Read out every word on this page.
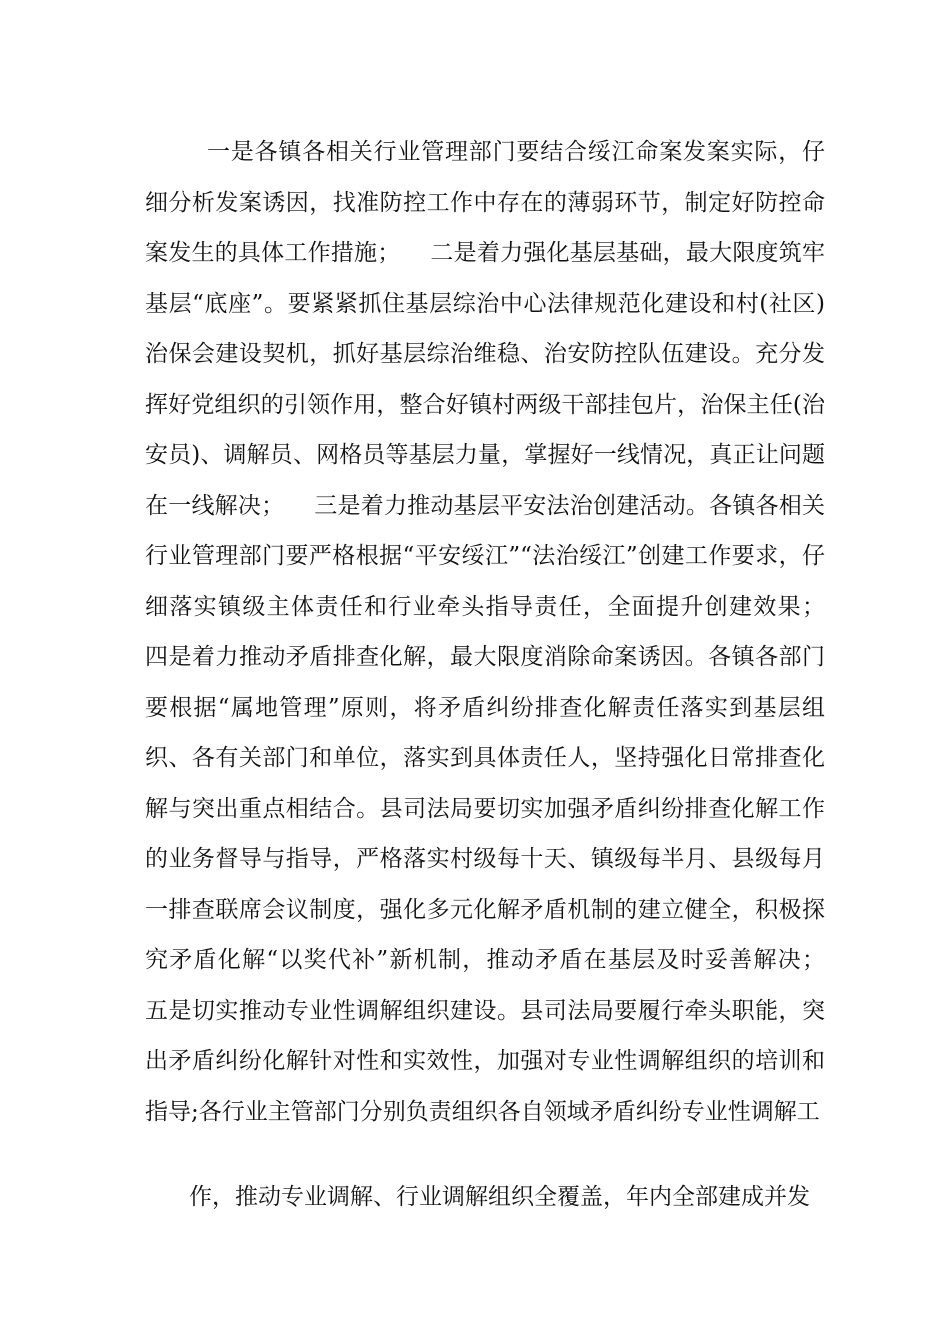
一是各镇各相关行业管理部门要结合绥江命案发案实际，仔细分析发案诱因，找准防控工作中存在的薄弱环节，制定好防控命案发生的具体工作措施；    二是着力强化基层基础，最大限度筑牢基层“底座”。要紧紧抓住基层综治中心法律规范化建设和村(社区)治保会建设契机，抓好基层综治维稳、治安防控队伍建设。充分发挥好党组织的引领作用，整合好镇村两级干部挂包片，治保主任(治安员)、调解员、网格员等基层力量，掌握好一线情况，真正让问题在一线解决；    三是着力推动基层平安法治创建活动。各镇各相关行业管理部门要严格根据“平安绥江”“法治绥江”创建工作要求，仔细落实镇级主体责任和行业牵头指导责任，全面提升创建效果；    四是着力推动矛盾排查化解，最大限度消除命案诱因。各镇各部门要根据“属地管理”原则，将矛盾纠纷排查化解责任落实到基层组织、各有关部门和单位，落实到具体责任人，坚持强化日常排查化解与突出重点相结合。县司法局要切实加强矛盾纠纷排查化解工作的业务督导与指导，严格落实村级每十天、镇级每半月、县级每月一排查联席会议制度，强化多元化解矛盾机制的建立健全，积极探究矛盾化解“以奖代补”新机制，推动矛盾在基层及时妥善解决；    五是切实推动专业性调解组织建设。县司法局要履行牵头职能，突出矛盾纠纷化解针对性和实效性，加强对专业性调解组织的培训和指导;各行业主管部门分别负责组织各自领域矛盾纠纷专业性调解工

作，推动专业调解、行业调解组织全覆盖，年内全部建成并发
